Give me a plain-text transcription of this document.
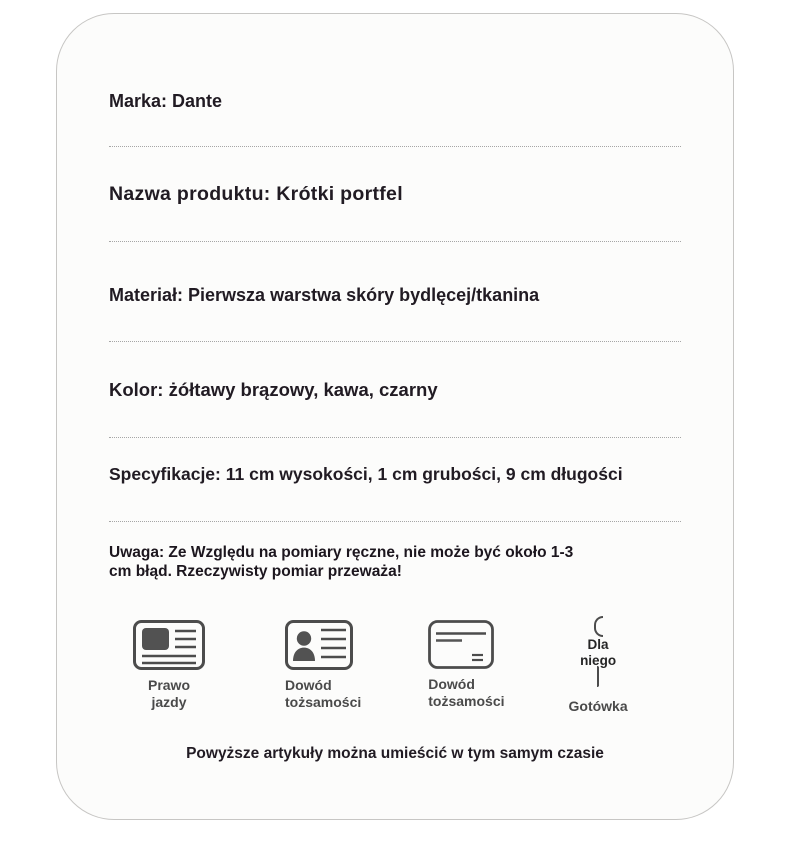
Marka: Dante
Nazwa produktu: Krótki portfel
Materiał: Pierwsza warstwa skóry bydlęcej/tkanina
Kolor: żółtawy brązowy, kawa, czarny
Specyfikacje: 11 cm wysokości, 1 cm grubości, 9 cm długości
Uwaga: Ze Względu na pomiary ręczne, nie może być około 1-3
cm błąd. Rzeczywisty pomiar przeważa!
Prawo
jazdy
Dowód
tożsamości
Dowód
tożsamości
Dla
niego
Gotówka
Powyższe artykuły można umieścić w tym samym czasie
